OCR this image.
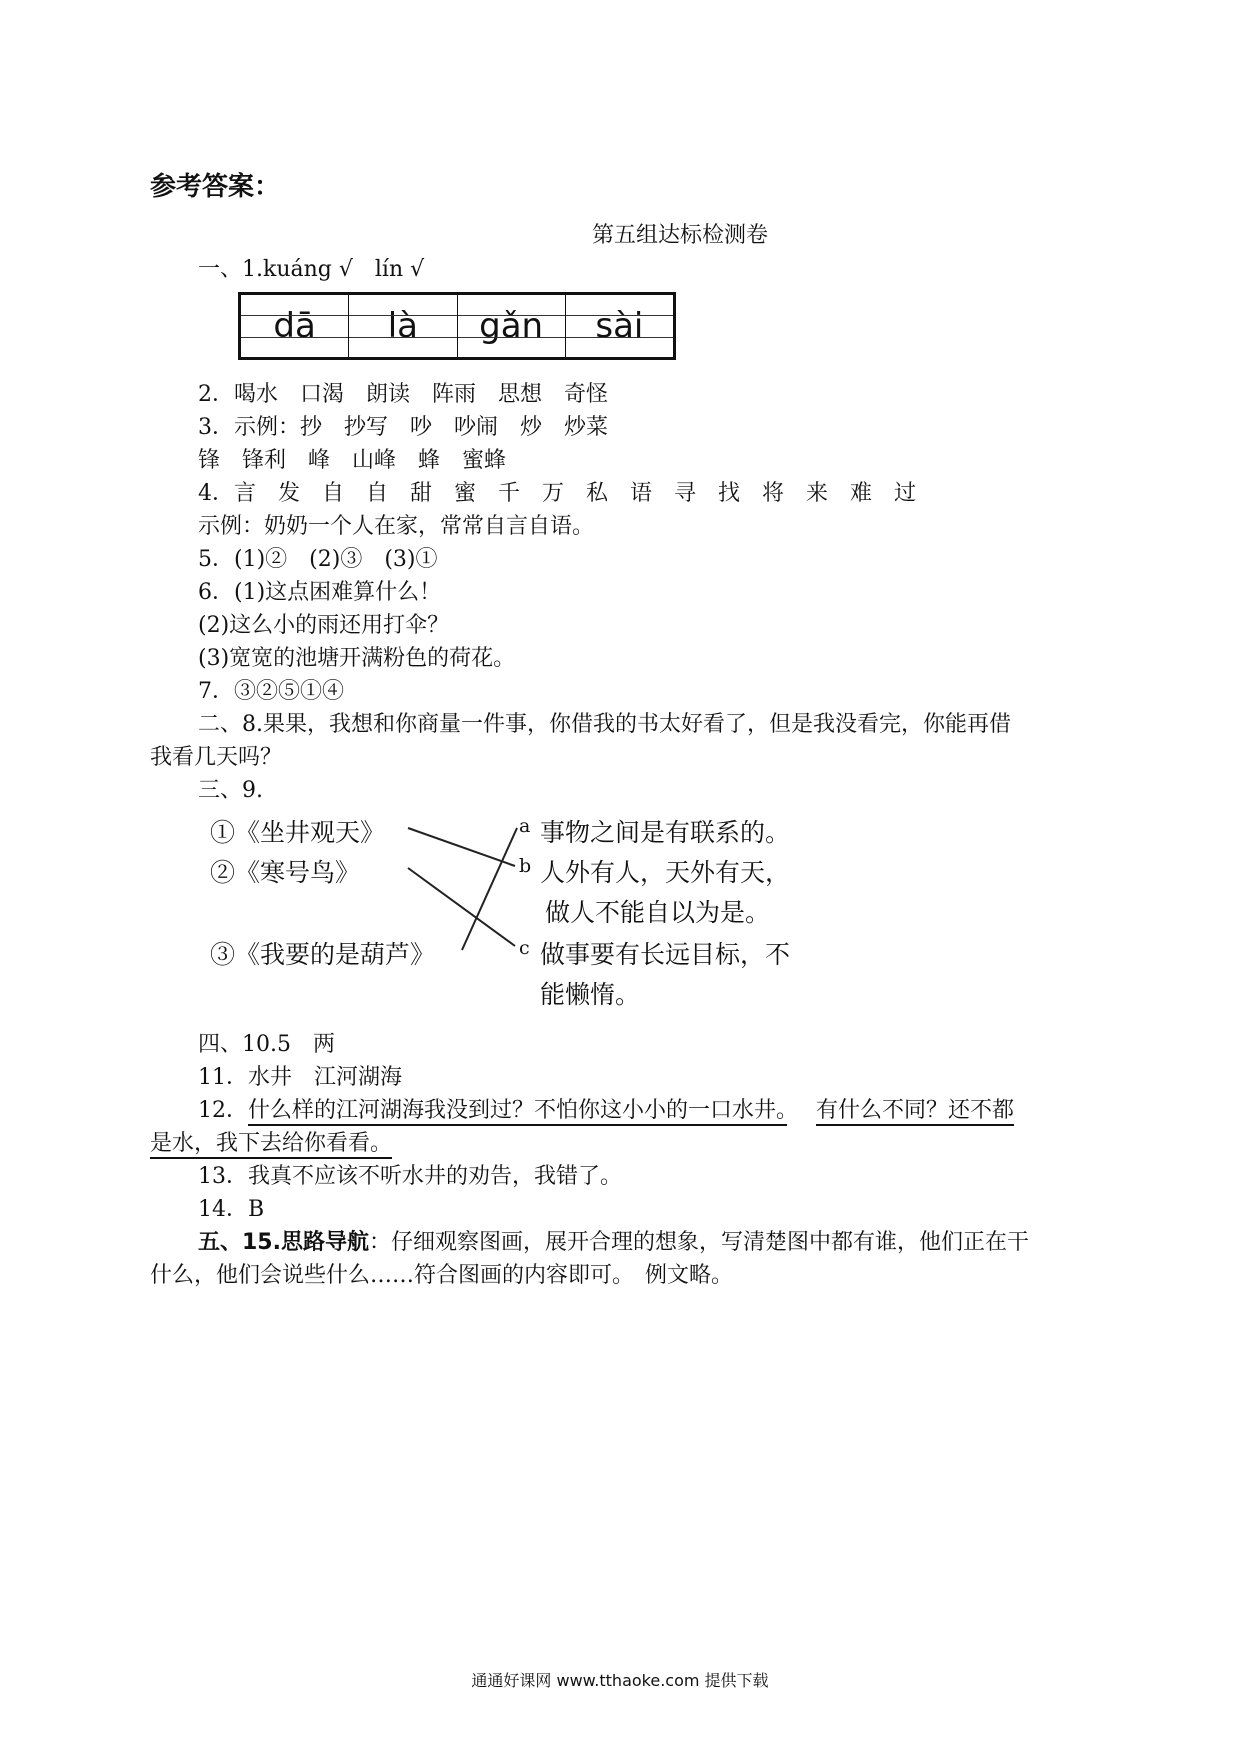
参考答案：
第五组达标检测卷
一、1.kuáng √　lín √
dā là gǎn sài
2．喝水　口渴　朗读　阵雨　思想　奇怪
3．示例：抄　抄写　吵　吵闹　炒　炒菜
锋　锋利　峰　山峰　蜂　蜜蜂
4．言　发　自　自　甜　蜜　千　万　私　语　寻　找　将　来　难　过
示例：奶奶一个人在家，常常自言自语。
5．(1)②　(2)③　(3)①
6．(1)这点困难算什么！
(2)这么小的雨还用打伞？
(3)宽宽的池塘开满粉色的荷花。
7．③②⑤①④
二、8.果果，我想和你商量一件事，你借我的书太好看了，但是我没看完，你能再借
我看几天吗？
三、9.
①《坐井观天》
②《寒号鸟》
③《我要的是葫芦》
a 事物之间是有联系的。
b 人外有人，天外有天，
做人不能自以为是。
c 做事要有长远目标，不
能懒惰。
四、10.5　两
11．水井　江河湖海
12．什么样的江河湖海我没到过？不怕你这小小的一口水井。　 有什么不同？还不都
是水，我下去给你看看。
13．我真不应该不听水井的劝告，我错了。
14．B
五、15.思路导航：仔细观察图画，展开合理的想象，写清楚图中都有谁，他们正在干
什么，他们会说些什么……符合图画的内容即可。　例文略。
通通好课网 www.tthaoke.com 提供下载
